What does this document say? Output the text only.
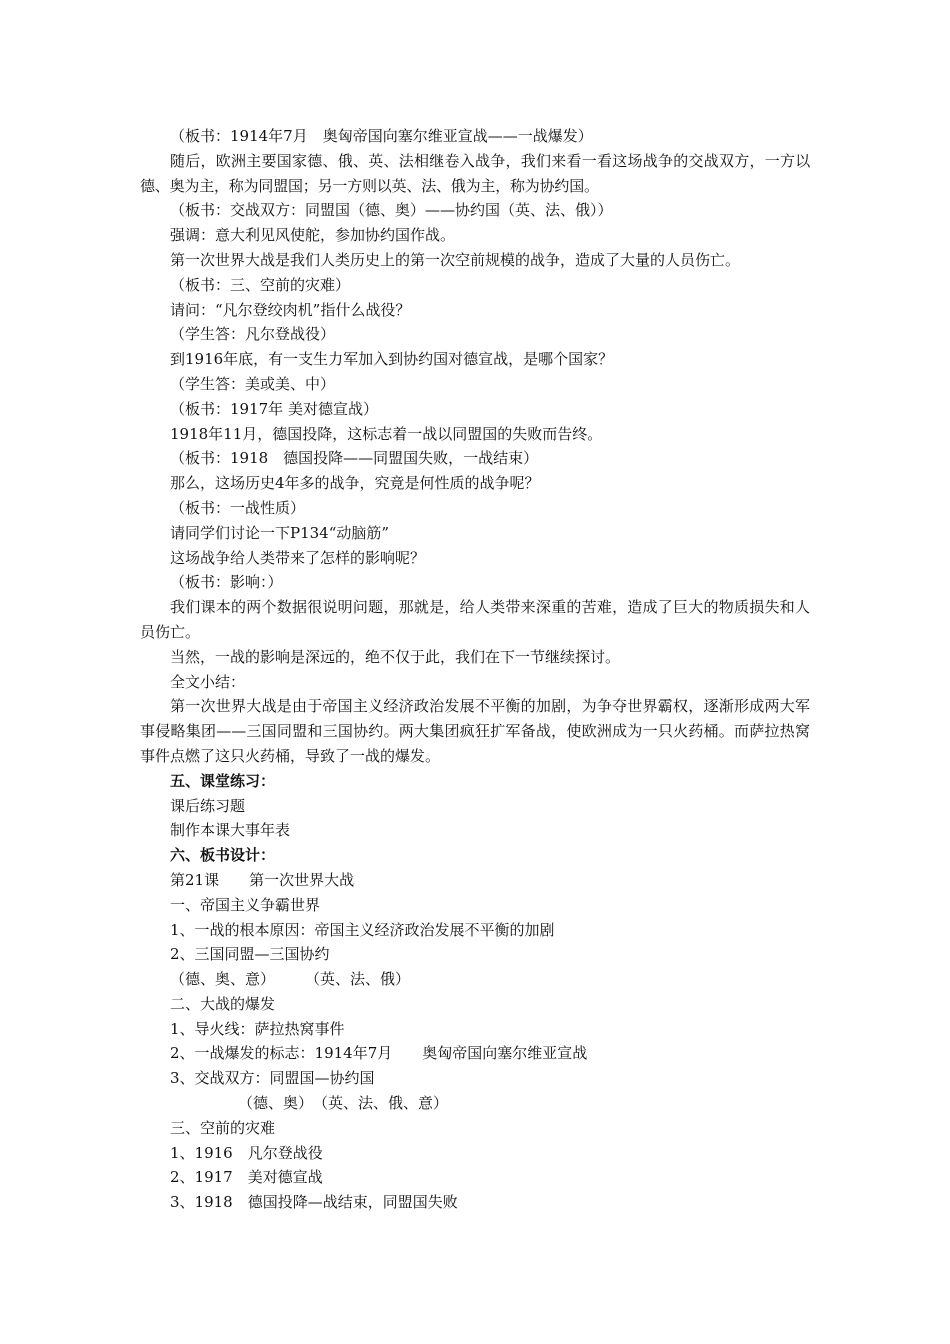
（板书：1914年7月　奥匈帝国向塞尔维亚宣战——一战爆发）

随后，欧洲主要国家德、俄、英、法相继卷入战争，我们来看一看这场战争的交战双方，一方以德、奥为主，称为同盟国；另一方则以英、法、俄为主，称为协约国。

（板书：交战双方：同盟国（德、奥）——协约国（英、法、俄））

强调：意大利见风使舵，参加协约国作战。

第一次世界大战是我们人类历史上的第一次空前规模的战争，造成了大量的人员伤亡。

（板书：三、空前的灾难）

请问：“凡尔登绞肉机”指什么战役？

（学生答：凡尔登战役）

到1916年底，有一支生力军加入到协约国对德宣战，是哪个国家？

（学生答：美或美、中）

（板书：1917年 美对德宣战）

1918年11月，德国投降，这标志着一战以同盟国的失败而告终。

（板书：1918　德国投降——同盟国失败，一战结束）

那么，这场历史4年多的战争，究竟是何性质的战争呢？

（板书：一战性质）

请同学们讨论一下P134“动脑筋”

这场战争给人类带来了怎样的影响呢？

（板书：影响：）

我们课本的两个数据很说明问题，那就是，给人类带来深重的苦难，造成了巨大的物质损失和人员伤亡。

当然，一战的影响是深远的，绝不仅于此，我们在下一节继续探讨。

全文小结：

第一次世界大战是由于帝国主义经济政治发展不平衡的加剧，为争夺世界霸权，逐渐形成两大军事侵略集团——三国同盟和三国协约。两大集团疯狂扩军备战，使欧洲成为一只火药桶。而萨拉热窝事件点燃了这只火药桶，导致了一战的爆发。

五、课堂练习：

课后练习题

制作本课大事年表

六、板书设计：

第21课　　第一次世界大战

一、帝国主义争霸世界

1、一战的根本原因：帝国主义经济政治发展不平衡的加剧

2、三国同盟—三国协约

（德、奥、意）　　　（英、法、俄）

二、大战的爆发

1、导火线：萨拉热窝事件

2、一战爆发的标志：1914年7月　　奥匈帝国向塞尔维亚宣战

3、交战双方：同盟国—协约国

（德、奥）　（英、法、俄、意）

三、空前的灾难

1、1916　凡尔登战役

2、1917　美对德宣战

3、1918　德国投降—战结束，同盟国失败
